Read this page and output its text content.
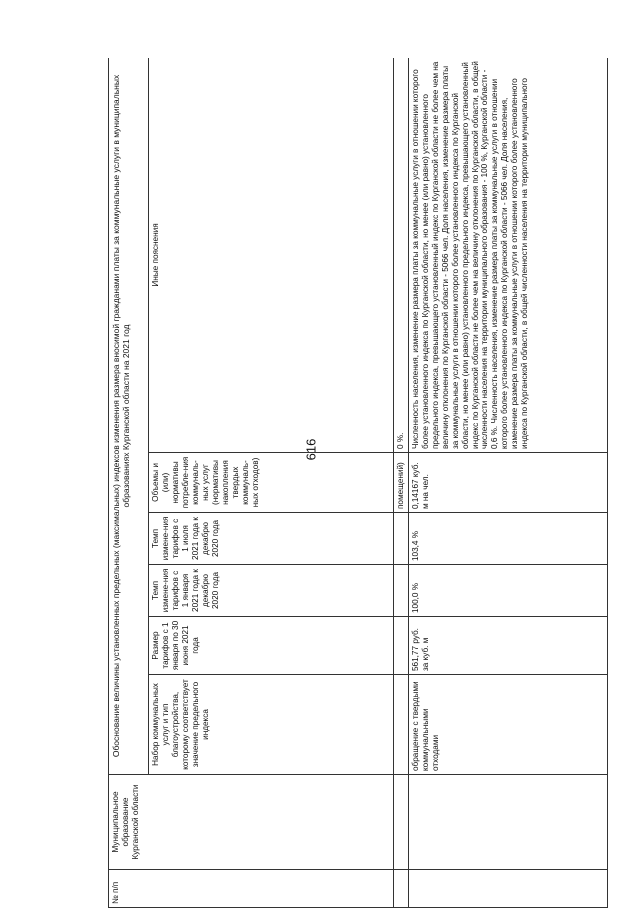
616
№ п/п	Муниципальное образование Курганской области	Обоснование величины установленных предельных (максимальных) индексов изменения размера вносимой гражданами платы за коммунальные услуги в муниципальных образованиях Курганской области на 2021 год					
		Набор коммунальных услуг и тип благоустройства, которому соответствует значение предельного индекса	Размер тарифов с 1 января по 30 июня 2021 года	Темп измене-ния тарифов с 1 января 2021 года к декабрю 2020 года	Темп измене-ния тарифов с 1 июля 2021 года к декабрю 2020 года	Объемы и (или) нормативы потребле-ния коммуналь-ных услуг (нормативы накопления твердых коммуналь-ных отходов)	Иные пояснения
						помещений)	0 %.
		обращение с твердыми коммунальными отходами	561,77 руб. за куб. м	100,0 %	103,4 %	0,14167 куб. м на чел.	Численность населения, изменение размера платы за коммунальные услуги в отношении которого более установленного индекса по Курганской области, но менее (или равно) установленного предельного индекса, превышающего установленный индекс по Курганской области не более чем на величину отклонения по Курганской области - 5066 чел. Доля населения, изменение размера платы за коммунальные услуги в отношении которого более установленного индекса по Курганской области, но менее (или равно) установленного предельного индекса, превышающего установленный индекс по Курганской области не более чем на величину отклонения по Курганской области, в общей численности населения на территории муниципального образования - 100 %, Курганской области - 0,6 %. Численность населения, изменение размера платы за коммунальные услуги в отношении которого более установленного индекса по Курганской области - 5066 чел. Доля населения, изменение размера платы за коммунальные услуги в отношении которого более установленного индекса по Курганской области, в общей численности населения на территории муниципального
